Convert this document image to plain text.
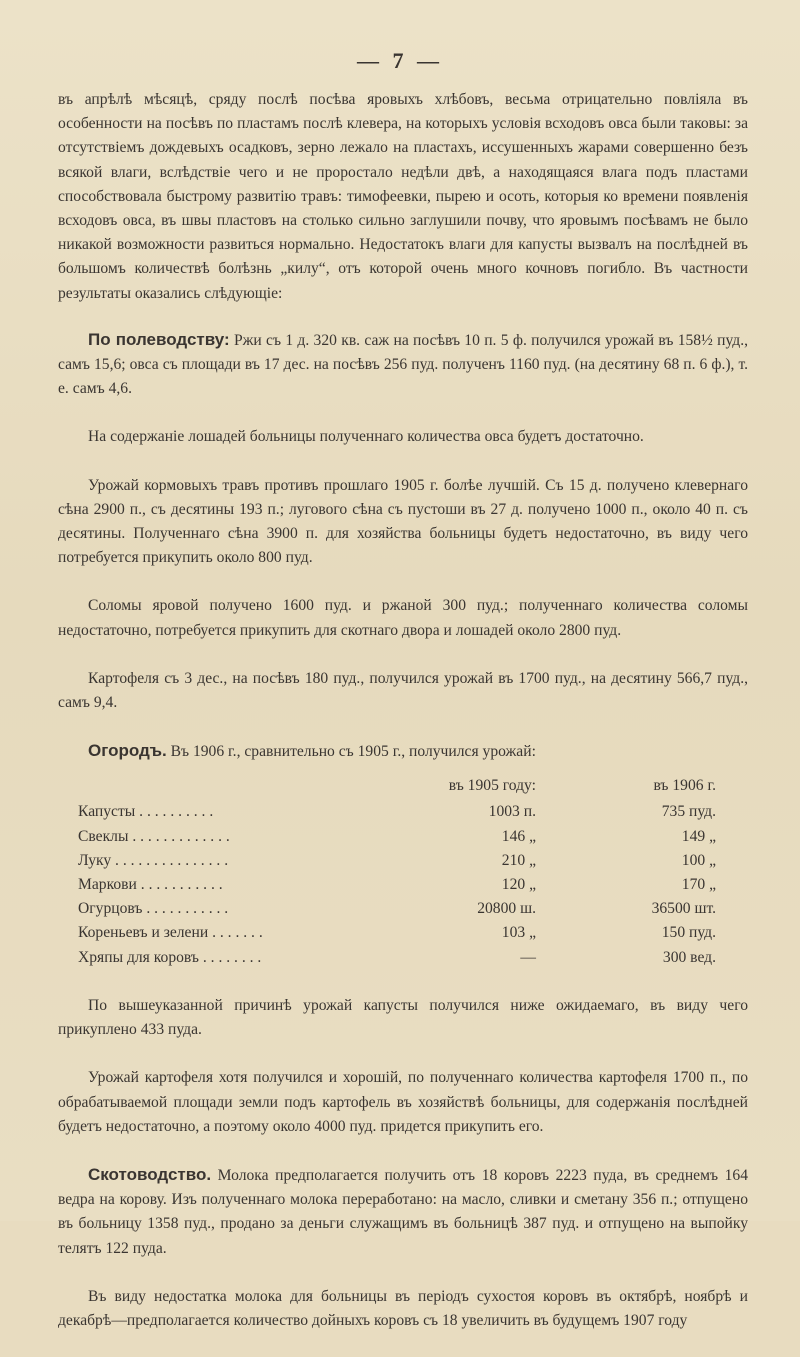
— 7 —

въ апрѣлѣ мѣсяцѣ, сряду послѣ посѣва яровыхъ хлѣбовъ, весьма отрицательно повліяла въ особенности на посѣвъ по пластамъ послѣ клевера, на которыхъ условія всходовъ овса были таковы: за отсутствіемъ дождевыхъ осадковъ, зерно лежало на пластахъ, иссушенныхъ жарами совершенно безъ всякой влаги, вслѣдствіе чего и не проростало недѣли двѣ, а находящаяся влага подъ пластами способствовала быстрому развитію травъ: тимофеевки, пырею и осоть, которыя ко времени появленія всходовъ овса, въ швы пластовъ на столько сильно заглушили почву, что яровымъ посѣвамъ не было никакой возможности развиться нормально. Недостатокъ влаги для капусты вызвалъ на послѣдней въ большомъ количествѣ болѣзнь „килу“, отъ которой очень много кочновъ погибло. Въ частности результаты оказались слѣдующіе:

По полеводству: Ржи съ 1 д. 320 кв. саж на посѣвъ 10 п. 5 ф. получился урожай въ 158½ пуд., самъ 15,6; овса съ площади въ 17 дес. на посѣвъ 256 пуд. полученъ 1160 пуд. (на десятину 68 п. 6 ф.), т. е. самъ 4,6.

На содержаніе лошадей больницы полученнаго количества овса будетъ достаточно.

Урожай кормовыхъ травъ противъ прошлаго 1905 г. болѣе лучшій. Съ 15 д. получено клевернаго сѣна 2900 п., съ десятины 193 п.; лугового сѣна съ пустоши въ 27 д. получено 1000 п., около 40 п. съ десятины. Полученнаго сѣна 3900 п. для хозяйства больницы будетъ недостаточно, въ виду чего потребуется прикупить около 800 пуд.

Соломы яровой получено 1600 пуд. и ржаной 300 пуд.; полученнаго количества соломы недостаточно, потребуется прикупить для скотнаго двора и лошадей около 2800 пуд.

Картофеля съ 3 дес., на посѣвъ 180 пуд., получился урожай въ 1700 пуд., на десятину 566,7 пуд., самъ 9,4.

Огородъ. Въ 1906 г., сравнительно съ 1905 г., получился урожай:

	въ 1905 году:	въ 1906 г.
Капусты . . . . . . . . . .	1003 п.	735 пуд.
Свеклы . . . . . . . . . . . . .	146 „	149 „
Луку . . . . . . . . . . . . . . .	210 „	100 „
Маркови . . . . . . . . . . .	120 „	170 „
Огурцовъ . . . . . . . . . . .	20800 ш.	36500 шт.
Кореньевъ и зелени . . . . . . .	103 „	150 пуд.
Хряпы для коровъ . . . . . . . .	—	300 вед.

По вышеуказанной причинѣ урожай капусты получился ниже ожидаемаго, въ виду чего прикуплено 433 пуда.

Урожай картофеля хотя получился и хорошій, по полученнаго количества картофеля 1700 п., по обрабатываемой площади земли подъ картофель въ хозяйствѣ больницы, для содержанія послѣдней будетъ недостаточно, а поэтому около 4000 пуд. придется прикупить его.

Скотоводство. Молока предполагается получить отъ 18 коровъ 2223 пуда, въ среднемъ 164 ведра на корову. Изъ полученнаго молока переработано: на масло, сливки и сметану 356 п.; отпущено въ больницу 1358 пуд., продано за деньги служащимъ въ больницѣ 387 пуд. и отпущено на выпойку телятъ 122 пуда.

Въ виду недостатка молока для больницы въ періодъ сухостоя коровъ въ октябрѣ, ноябрѣ и декабрѣ—предполагается количество дойныхъ коровъ съ 18 увеличить въ будущемъ 1907 году
